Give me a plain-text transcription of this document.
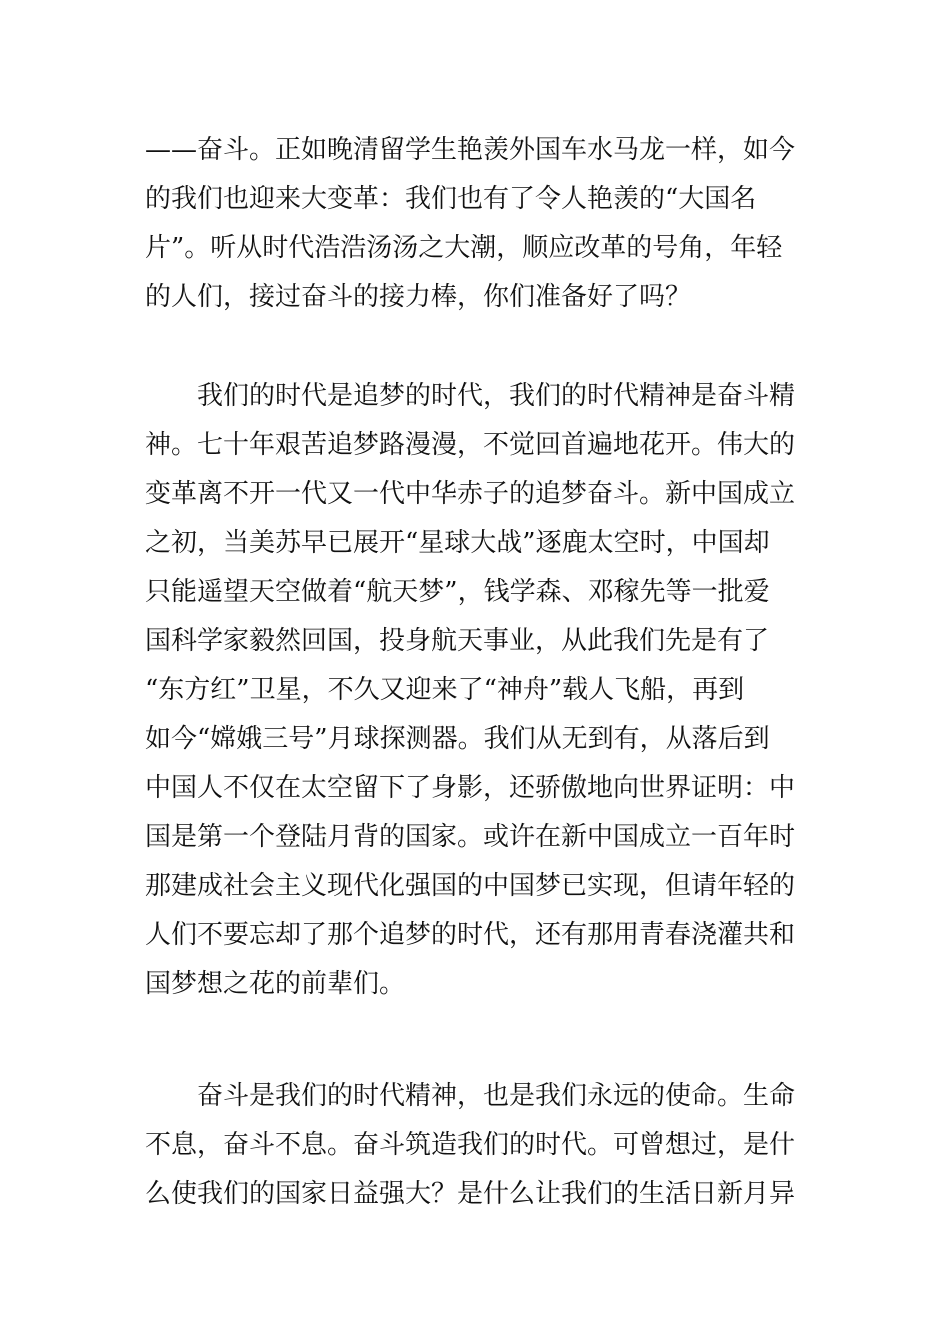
——奋斗。正如晚清留学生艳羡外国车水马龙一样，如今
的我们也迎来大变革：我们也有了令人艳羡的“大国名
片”。听从时代浩浩汤汤之大潮，顺应改革的号角，年轻
的人们，接过奋斗的接力棒，你们准备好了吗？
我们的时代是追梦的时代，我们的时代精神是奋斗精
神。七十年艰苦追梦路漫漫，不觉回首遍地花开。伟大的
变革离不开一代又一代中华赤子的追梦奋斗。新中国成立
之初，当美苏早已展开“星球大战”逐鹿太空时，中国却
只能遥望天空做着“航天梦”，钱学森、邓稼先等一批爱
国科学家毅然回国，投身航天事业，从此我们先是有了
“东方红”卫星，不久又迎来了“神舟”载人飞船，再到
如今“嫦娥三号”月球探测器。我们从无到有，从落后到
中国人不仅在太空留下了身影，还骄傲地向世界证明：中
国是第一个登陆月背的国家。或许在新中国成立一百年时
那建成社会主义现代化强国的中国梦已实现，但请年轻的
人们不要忘却了那个追梦的时代，还有那用青春浇灌共和
国梦想之花的前辈们。
奋斗是我们的时代精神，也是我们永远的使命。生命
不息，奋斗不息。奋斗筑造我们的时代。可曾想过，是什
么使我们的国家日益强大？是什么让我们的生活日新月异
